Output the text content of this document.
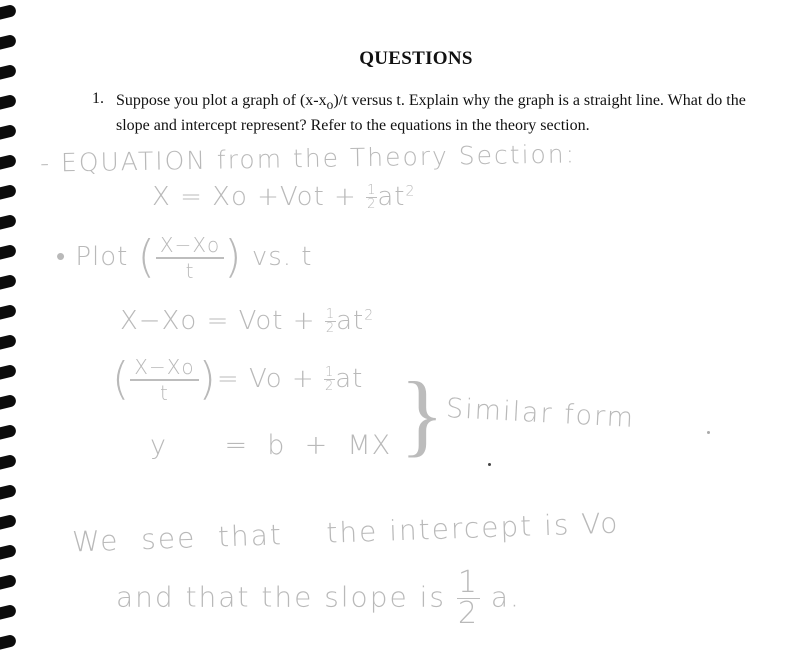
QUESTIONS
1. Suppose you plot a graph of $(x-x_o)/t$ versus t. Explain why the graph is a straight line. What do the slope and intercept represent? Refer to the equations in the theory section.
- EQUATION from the Theory Section:
$X = Xo +Vot + \frac{1}{2} at^2$
• Plot ( $\frac{X-Xo}{t}$ ) vs. t
X−Xo = Vot + $\frac{1}{2} at^2$
( $\frac{X-Xo}{t}$ )= $Vo + \frac{1}{2}$ at
y      =  b  +  MX } Similar form
We  see  that    the intercept is Vo
and that the slope is $\frac{1}{2} a$.
